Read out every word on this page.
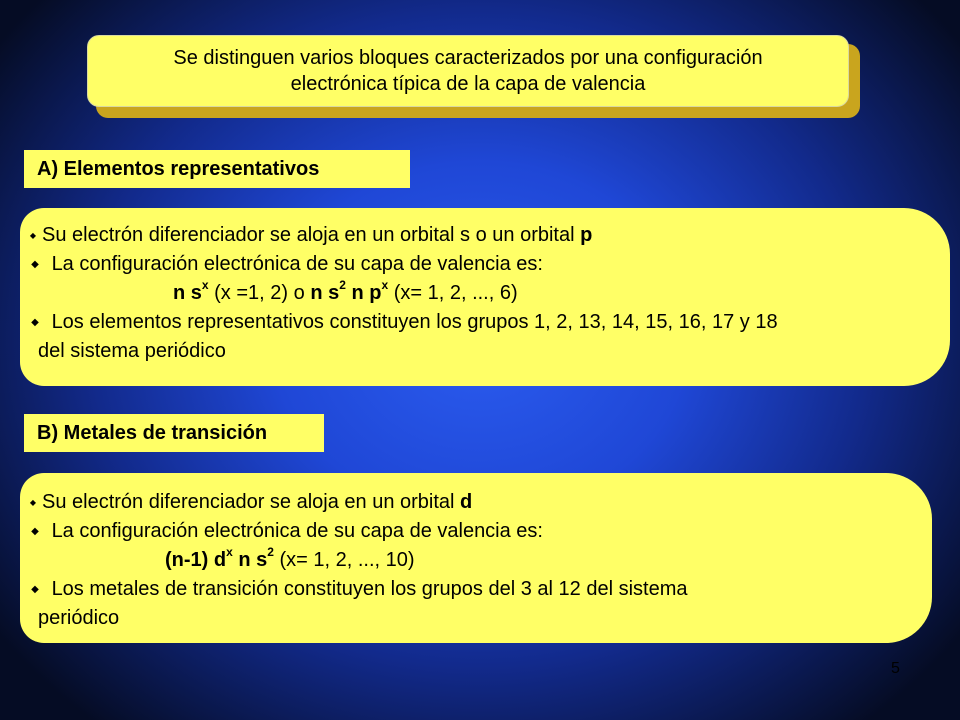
Se distinguen varios bloques caracterizados por una configuración
electrónica típica de la capa de valencia
A) Elementos representativos
◆ Su electrón diferenciador se aloja en un orbital s o un orbital p
◆ La configuración electrónica de su capa de valencia es:
n $s^x$ (x =1, 2) o n $s^2$ n $p^x$ (x= 1, 2, ..., 6)
◆ Los elementos representativos constituyen los grupos 1, 2, 13, 14, 15, 16, 17 y 18
del sistema periódico
B) Metales de transición
◆ Su electrón diferenciador se aloja en un orbital d
◆ La configuración electrónica de su capa de valencia es:
(n-1) $d^x$ n $s^2$ (x= 1, 2, ..., 10)
◆ Los metales de transición constituyen los grupos del 3 al 12 del sistema
periódico
5
